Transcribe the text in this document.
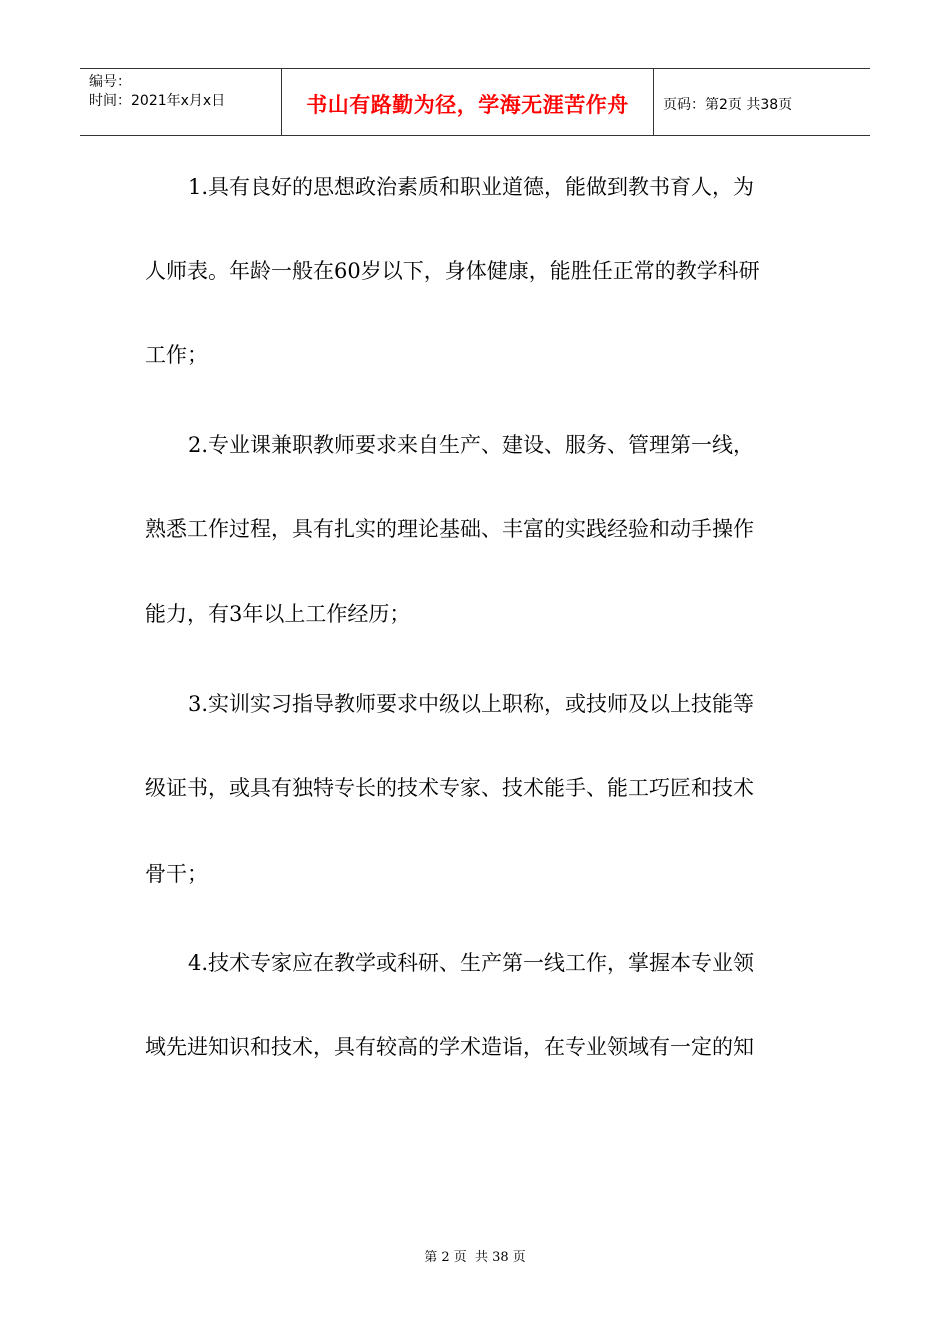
编号：
时间：2021年x月x日	书山有路勤为径，学海无涯苦作舟	页码：第2页 共38页
1.具有良好的思想政治素质和职业道德，能做到教书育人，为
人师表。年龄一般在60岁以下，身体健康，能胜任正常的教学科研
工作；
2.专业课兼职教师要求来自生产、建设、服务、管理第一线，
熟悉工作过程，具有扎实的理论基础、丰富的实践经验和动手操作
能力，有3年以上工作经历；
3.实训实习指导教师要求中级以上职称，或技师及以上技能等
级证书，或具有独特专长的技术专家、技术能手、能工巧匠和技术
骨干；
4.技术专家应在教学或科研、生产第一线工作，掌握本专业领
域先进知识和技术，具有较高的学术造诣，在专业领域有一定的知
第 2 页  共 38 页
